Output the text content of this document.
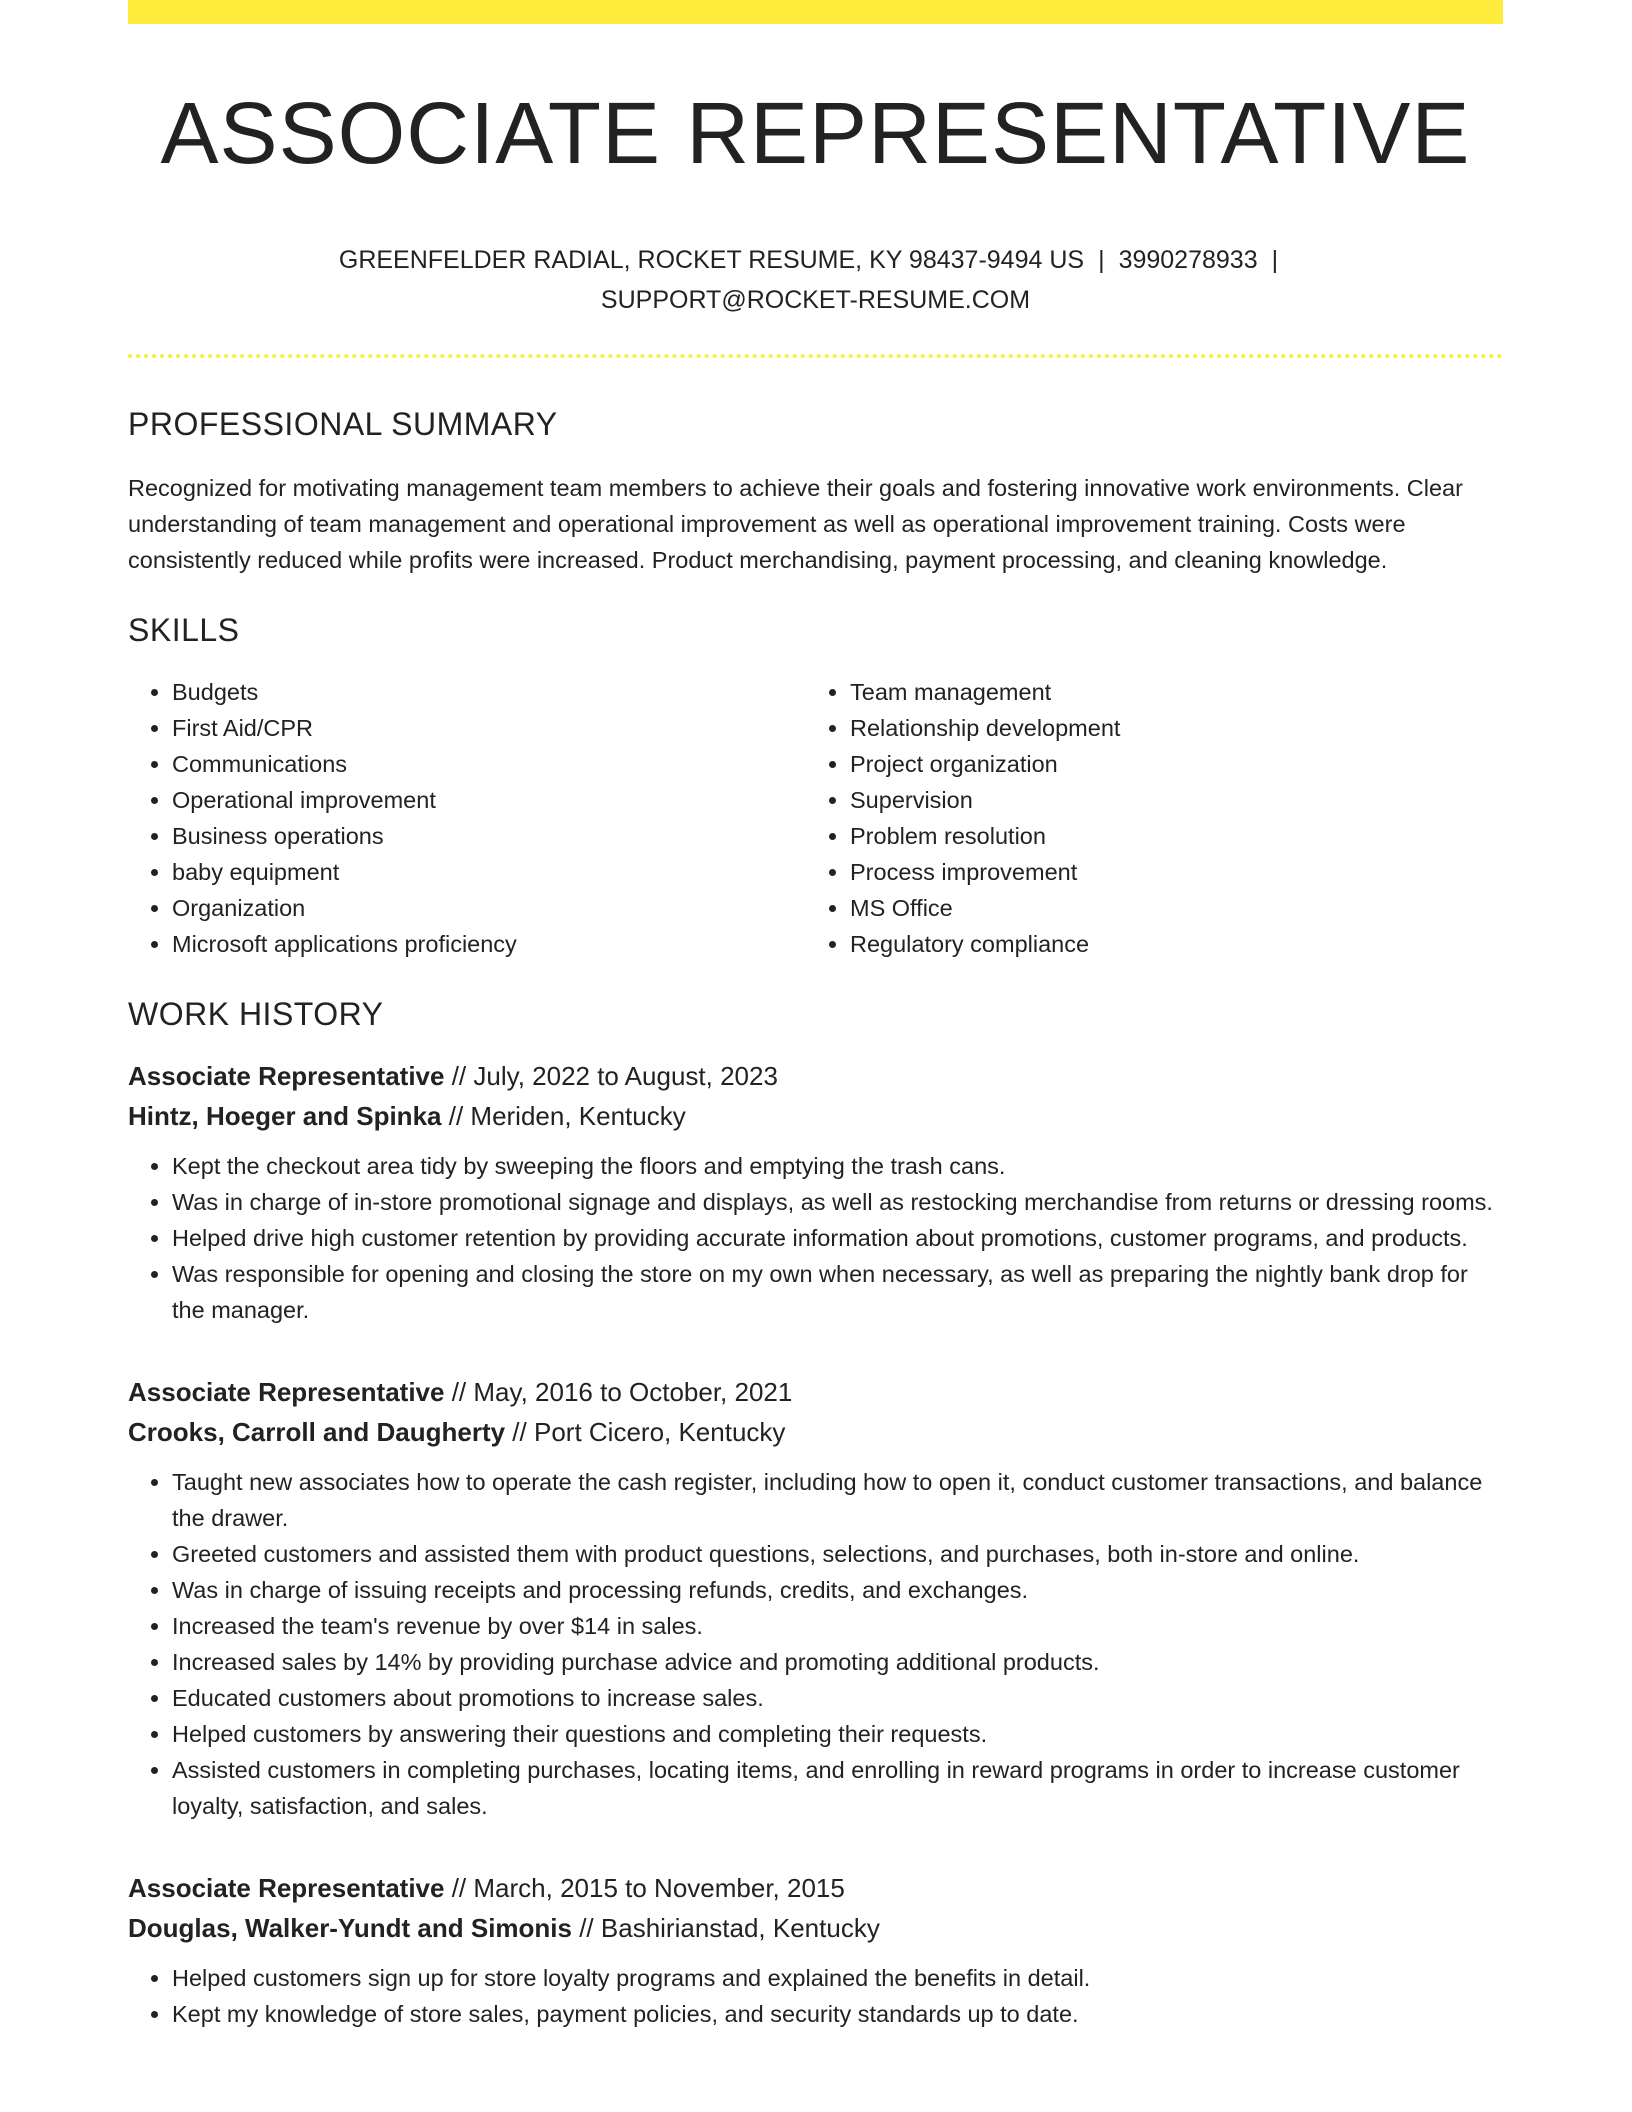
ASSOCIATE REPRESENTATIVE
GREENFELDER RADIAL, ROCKET RESUME, KY 98437-9494 US | 3990278933 |
SUPPORT@ROCKET-RESUME.COM
PROFESSIONAL SUMMARY

Recognized for motivating management team members to achieve their goals and fostering innovative work environments. Clear understanding of team management and operational improvement as well as operational improvement training. Costs were consistently reduced while profits were increased. Product merchandising, payment processing, and cleaning knowledge.

SKILLS
• Budgets
• First Aid/CPR
• Communications
• Operational improvement
• Business operations
• baby equipment
• Organization
• Microsoft applications proficiency
• Team management
• Relationship development
• Project organization
• Supervision
• Problem resolution
• Process improvement
• MS Office
• Regulatory compliance
WORK HISTORY
Associate Representative // July, 2022 to August, 2023
Hintz, Hoeger and Spinka // Meriden, Kentucky
• Kept the checkout area tidy by sweeping the floors and emptying the trash cans.
• Was in charge of in-store promotional signage and displays, as well as restocking merchandise from returns or dressing rooms.
• Helped drive high customer retention by providing accurate information about promotions, customer programs, and products.
• Was responsible for opening and closing the store on my own when necessary, as well as preparing the nightly bank drop for the manager.
Associate Representative // May, 2016 to October, 2021
Crooks, Carroll and Daugherty // Port Cicero, Kentucky
• Taught new associates how to operate the cash register, including how to open it, conduct customer transactions, and balance the drawer.
• Greeted customers and assisted them with product questions, selections, and purchases, both in-store and online.
• Was in charge of issuing receipts and processing refunds, credits, and exchanges.
• Increased the team's revenue by over $14 in sales.
• Increased sales by 14% by providing purchase advice and promoting additional products.
• Educated customers about promotions to increase sales.
• Helped customers by answering their questions and completing their requests.
• Assisted customers in completing purchases, locating items, and enrolling in reward programs in order to increase customer loyalty, satisfaction, and sales.
Associate Representative // March, 2015 to November, 2015
Douglas, Walker-Yundt and Simonis // Bashirianstad, Kentucky
• Helped customers sign up for store loyalty programs and explained the benefits in detail.
• Kept my knowledge of store sales, payment policies, and security standards up to date.
